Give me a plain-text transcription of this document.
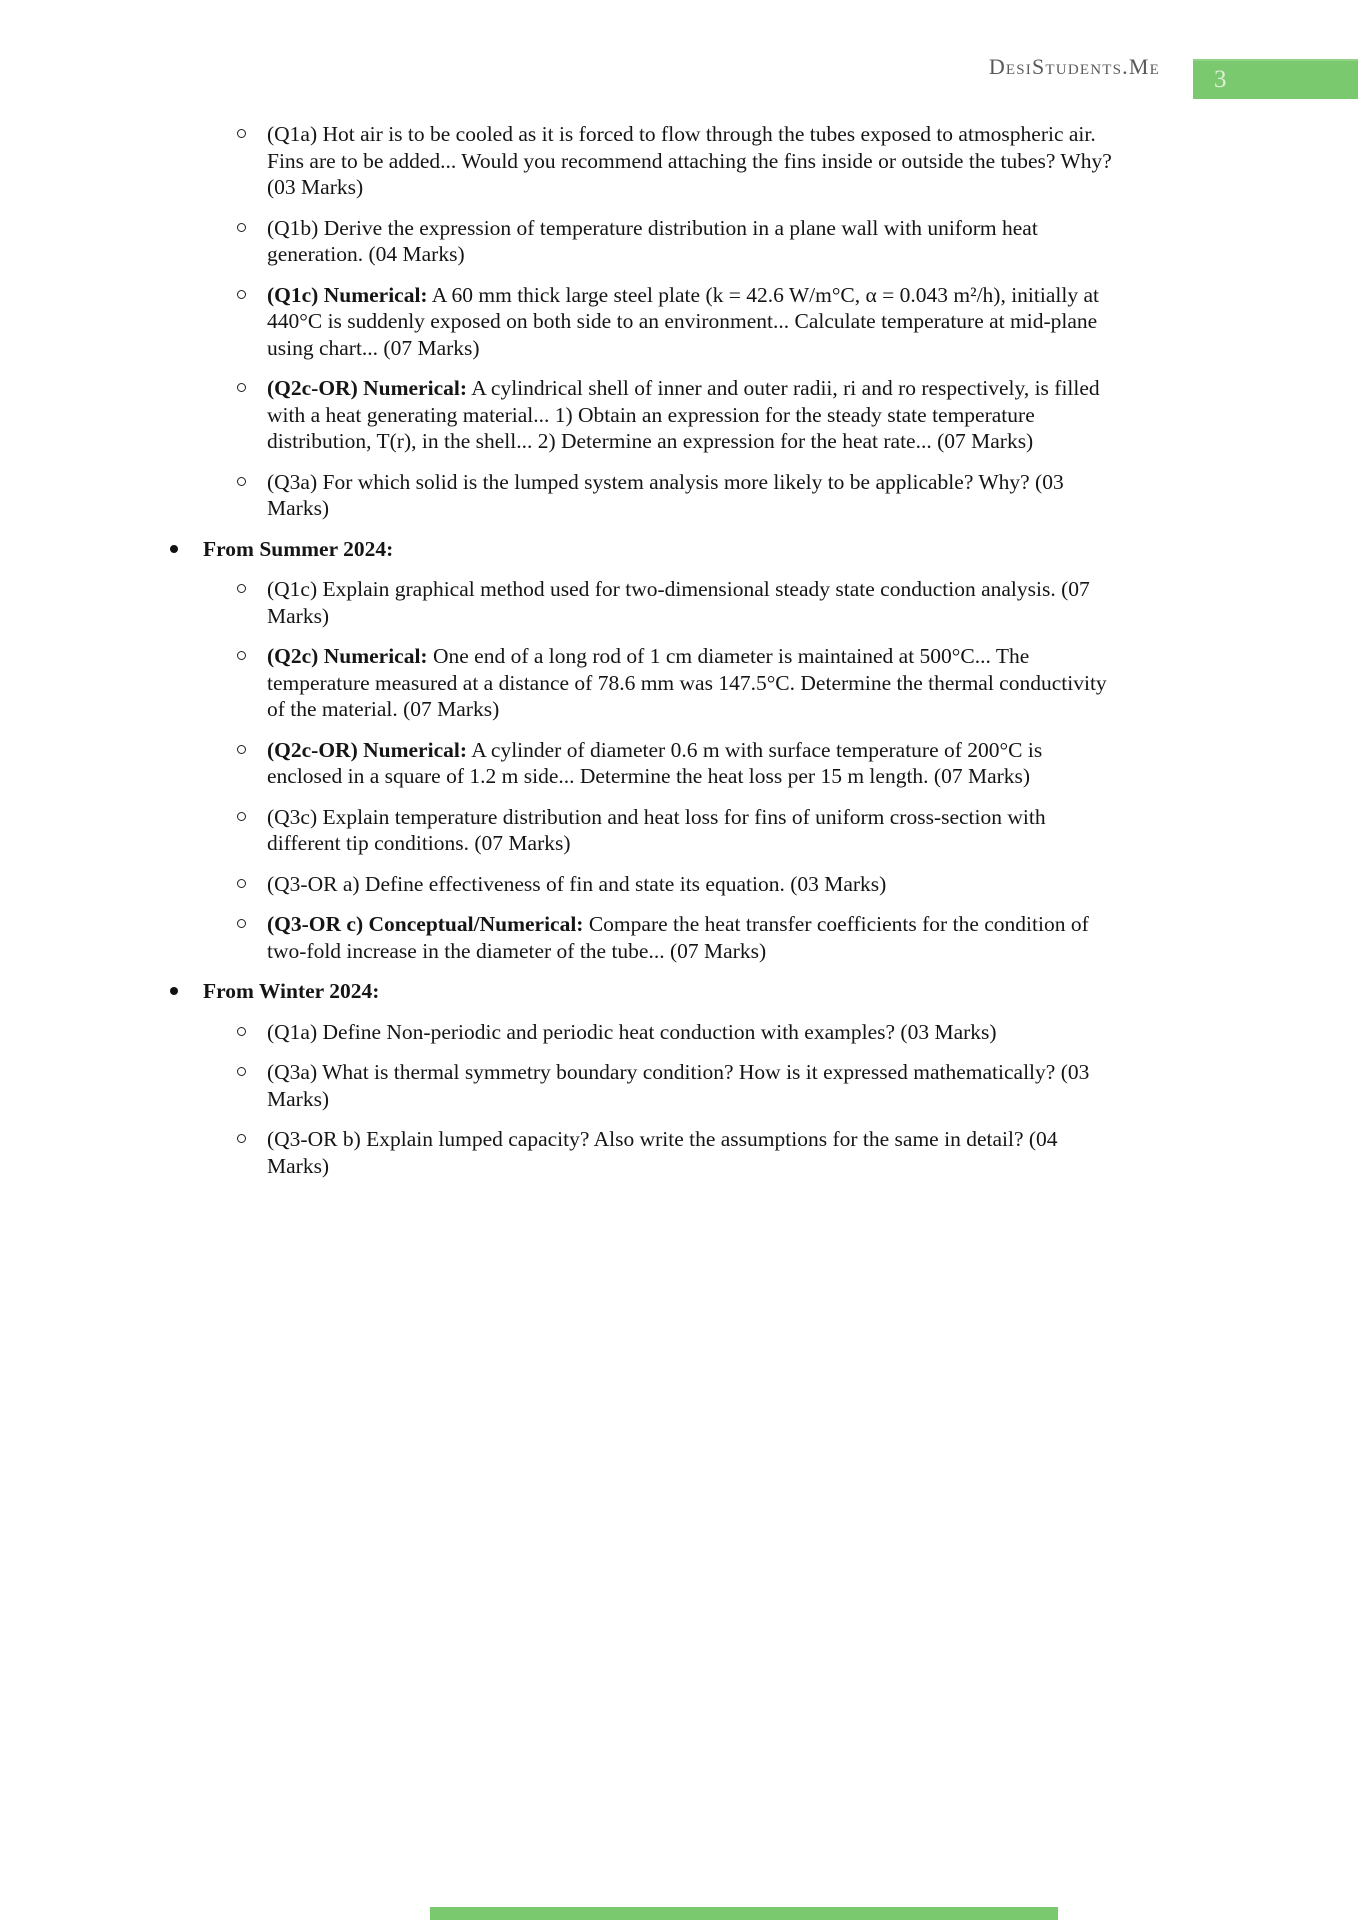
DesiStudents.Me 3
(Q1a) Hot air is to be cooled as it is forced to flow through the tubes exposed to atmospheric air. Fins are to be added... Would you recommend attaching the fins inside or outside the tubes? Why? (03 Marks)
(Q1b) Derive the expression of temperature distribution in a plane wall with uniform heat generation. (04 Marks)
(Q1c) Numerical: A 60 mm thick large steel plate (k = 42.6 W/m°C, α = 0.043 m²/h), initially at 440°C is suddenly exposed on both side to an environment... Calculate temperature at mid-plane using chart... (07 Marks)
(Q2c-OR) Numerical: A cylindrical shell of inner and outer radii, ri and ro respectively, is filled with a heat generating material... 1) Obtain an expression for the steady state temperature distribution, T(r), in the shell... 2) Determine an expression for the heat rate... (07 Marks)
(Q3a) For which solid is the lumped system analysis more likely to be applicable? Why? (03 Marks)
From Summer 2024:
(Q1c) Explain graphical method used for two-dimensional steady state conduction analysis. (07 Marks)
(Q2c) Numerical: One end of a long rod of 1 cm diameter is maintained at 500°C... The temperature measured at a distance of 78.6 mm was 147.5°C. Determine the thermal conductivity of the material. (07 Marks)
(Q2c-OR) Numerical: A cylinder of diameter 0.6 m with surface temperature of 200°C is enclosed in a square of 1.2 m side... Determine the heat loss per 15 m length. (07 Marks)
(Q3c) Explain temperature distribution and heat loss for fins of uniform cross-section with different tip conditions. (07 Marks)
(Q3-OR a) Define effectiveness of fin and state its equation. (03 Marks)
(Q3-OR c) Conceptual/Numerical: Compare the heat transfer coefficients for the condition of two-fold increase in the diameter of the tube... (07 Marks)
From Winter 2024:
(Q1a) Define Non-periodic and periodic heat conduction with examples? (03 Marks)
(Q3a) What is thermal symmetry boundary condition? How is it expressed mathematically? (03 Marks)
(Q3-OR b) Explain lumped capacity? Also write the assumptions for the same in detail? (04 Marks)
